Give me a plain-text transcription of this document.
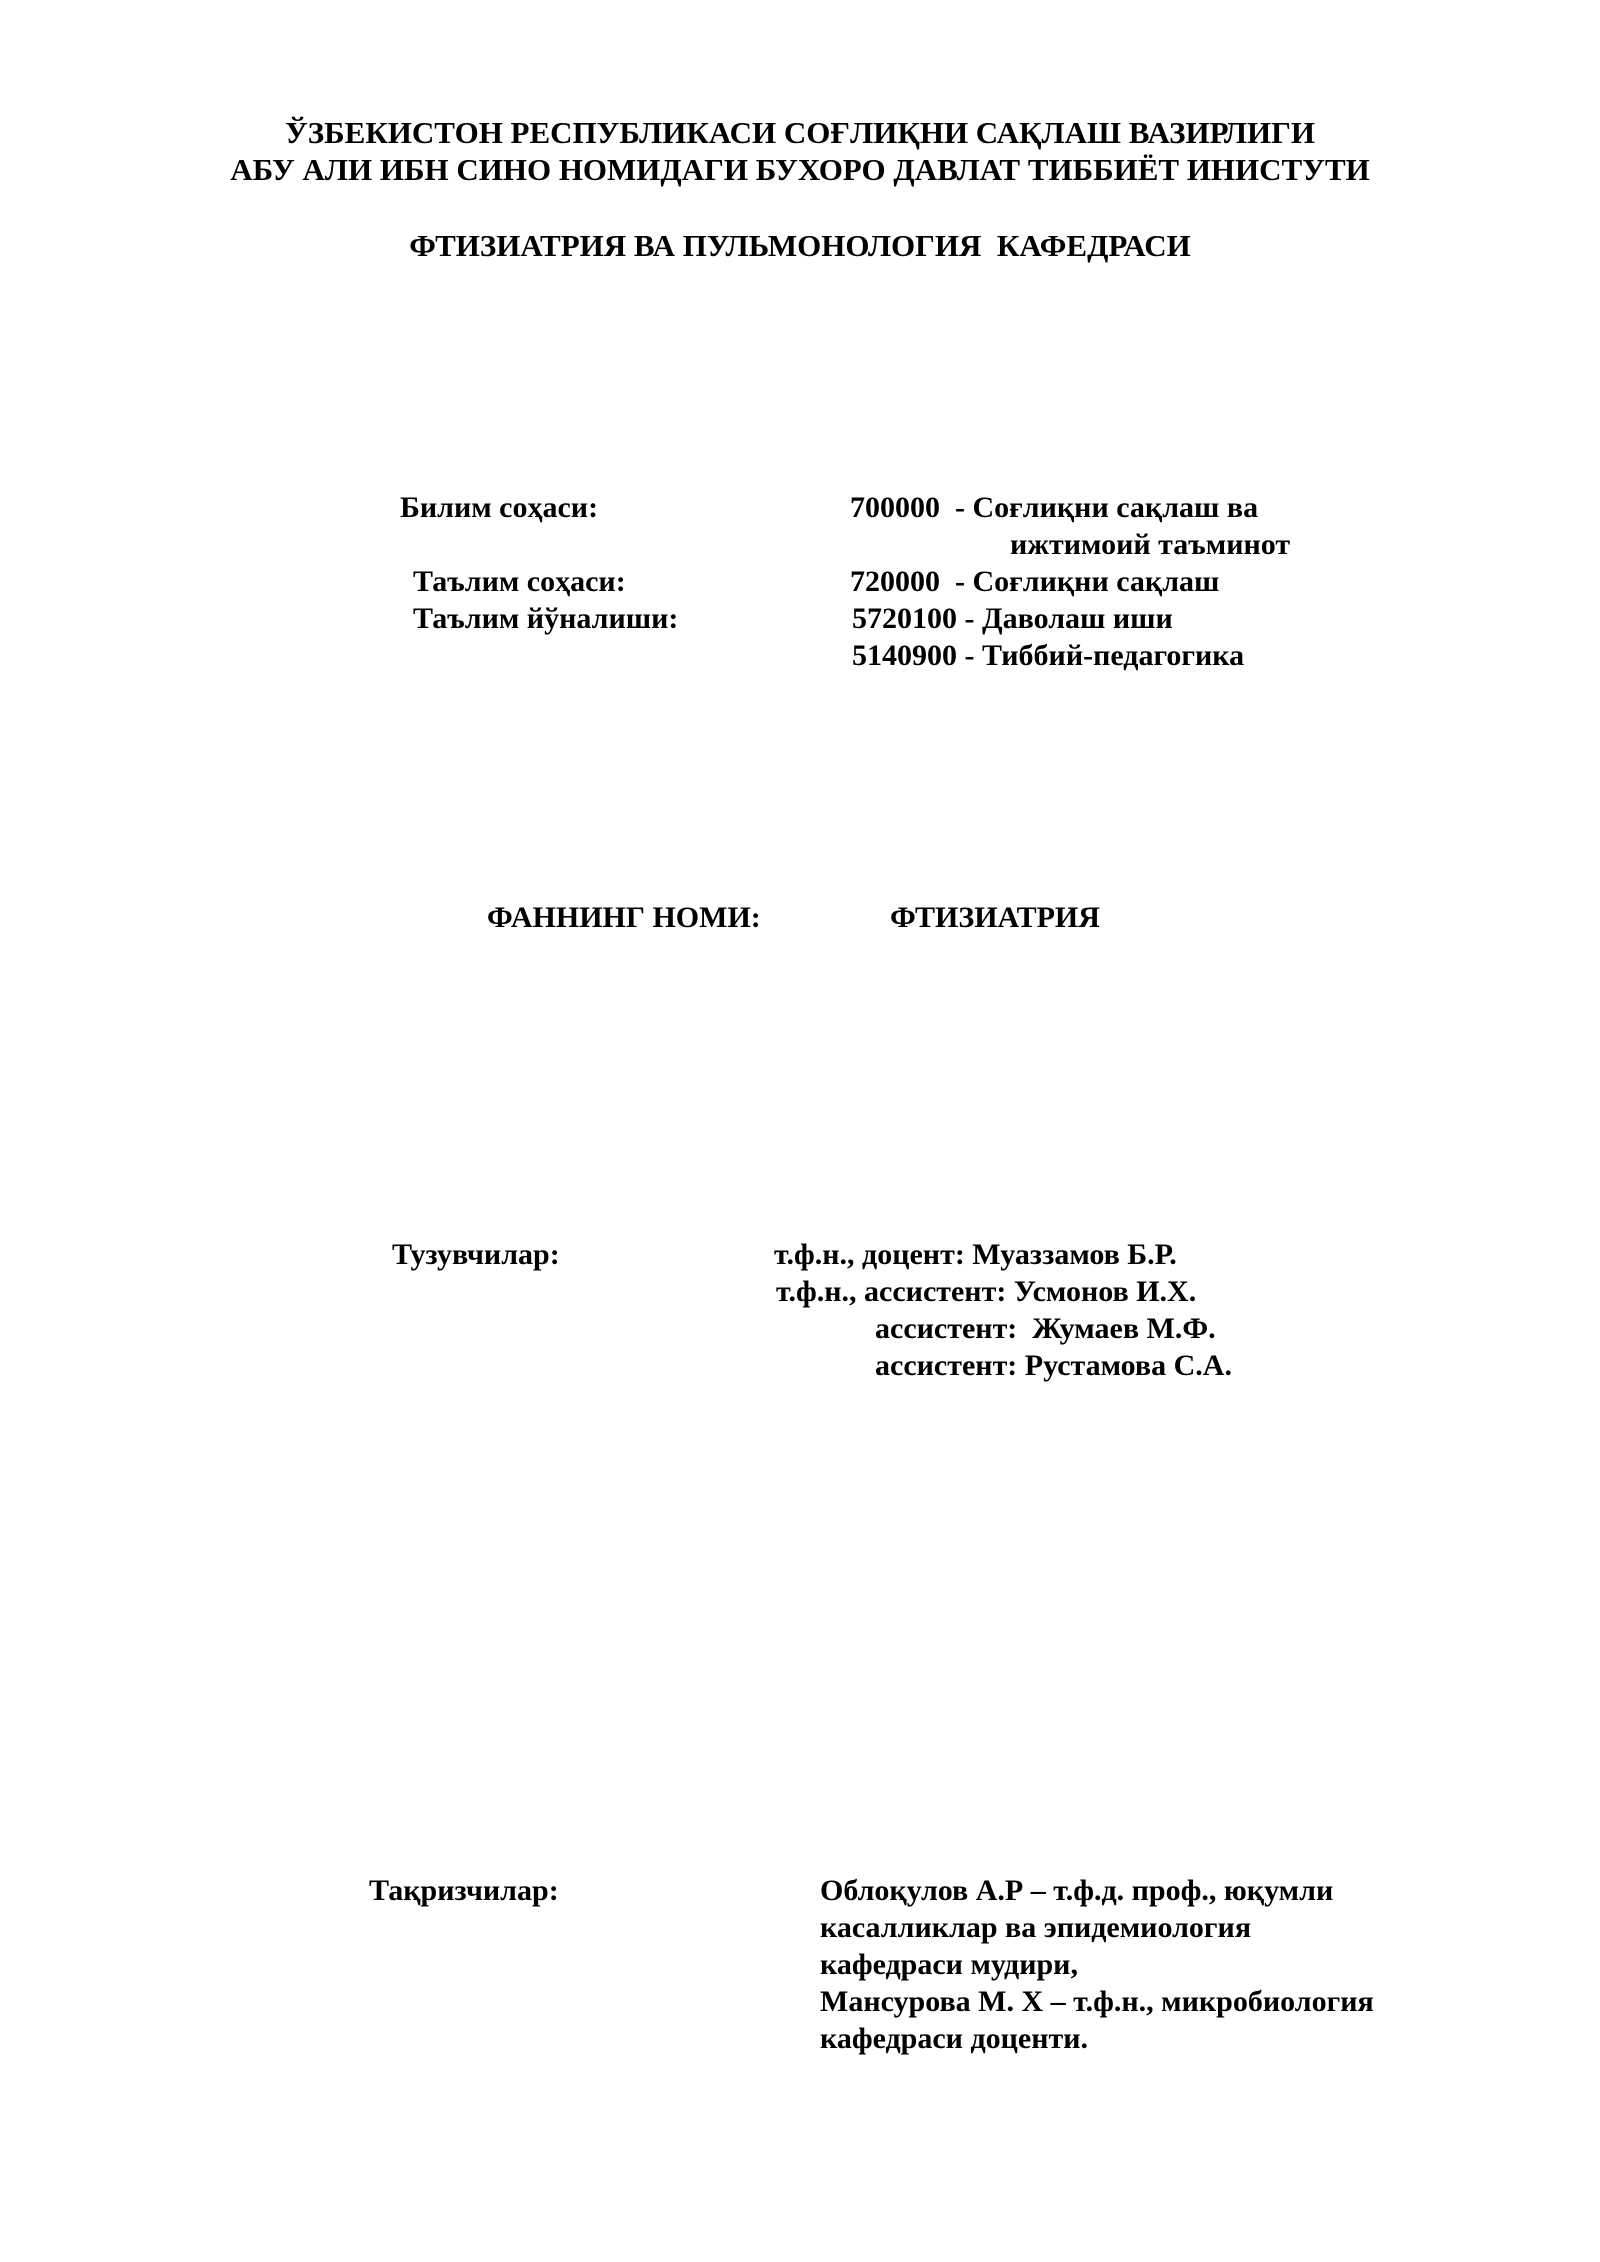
ЎЗБЕКИСТОН РЕСПУБЛИКАСИ СОҒЛИҚНИ САҚЛАШ ВАЗИРЛИГИ
АБУ АЛИ ИБН СИНО НОМИДАГИ БУХОРО ДАВЛАТ ТИББИЁТ ИНИСТУТИ
ФТИЗИАТРИЯ ВА ПУЛЬМОНОЛОГИЯ  КАФЕДРАСИ
Билим соҳаси:	700000  - Соғлиқни сақлаш ва
ижтимоий таъминот
Таълим соҳаси:	720000  - Соғлиқни сақлаш
Таълим йўналиши:	5720100 - Даволаш иши
5140900 - Тиббий-педагогика
ФАННИНГ НОМИ:	ФТИЗИАТРИЯ
Тузувчилар:	т.ф.н., доцент: Муаззамов Б.Р.
т.ф.н., ассистент: Усмонов И.Х.
ассистент:  Жумаев М.Ф.
ассистент: Рустамова С.А.
Тақризчилар:	Облоқулов А.Р – т.ф.д. проф., юқумли
касалликлар ва эпидемиология
кафедраси мудири,
Мансурова М. Х – т.ф.н., микробиология
кафедраси доценти.
